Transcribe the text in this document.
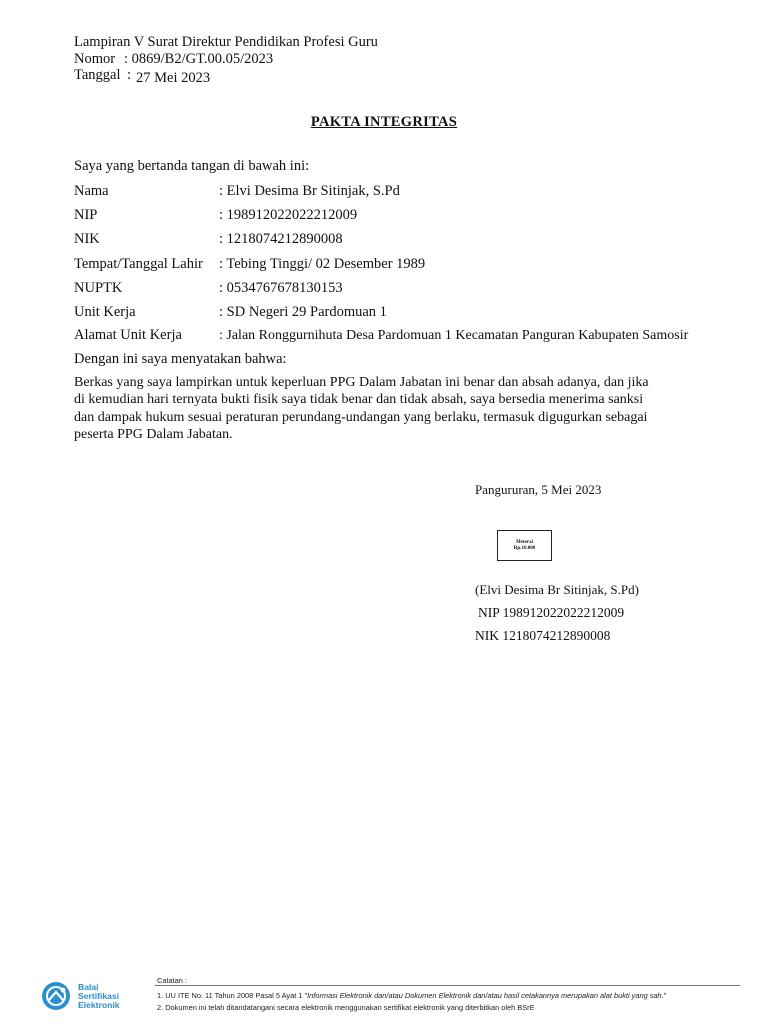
Lampiran V Surat Direktur Pendidikan Profesi Guru
Nomor : 0869/B2/GT.00.05/2023
Tanggal : 27 Mei 2023
PAKTA INTEGRITAS
Saya yang bertanda tangan di bawah ini:
Nama	: Elvi Desima Br Sitinjak, S.Pd
NIP	: 198912022022212009
NIK	: 1218074212890008
Tempat/Tanggal Lahir : Tebing Tinggi/ 02 Desember 1989
NUPTK	: 0534767678130153
Unit Kerja	: SD Negeri 29 Pardomuan 1
Alamat Unit Kerja	: Jalan Ronggurnihuta Desa Pardomuan 1 Kecamatan Panguran Kabupaten Samosir
Dengan ini saya menyatakan bahwa:
Berkas yang saya lampirkan untuk keperluan PPG Dalam Jabatan ini benar dan absah adanya, dan jika
di kemudian hari ternyata bukti fisik saya tidak benar dan tidak absah, saya bersedia menerima sanksi
dan dampak hukum sesuai peraturan perundang-undangan yang berlaku, termasuk digugurkan sebagai
peserta PPG Dalam Jabatan.
Pangururan, 5 Mei 2023
Meterai
Rp.10.000
(Elvi Desima Br Sitinjak, S.Pd)
NIP 198912022022212009
NIK 1218074212890008
Balai
Sertifikasi
Elektronik
Catatan :
1. UU ITE No. 11 Tahun 2008 Pasal 5 Ayat 1 "Informasi Elektronik dan/atau Dokumen Elektronik dan/atau hasil cetakannya merupakan alat bukti yang sah."
2. Dokumen ini telah ditandatangani secara elektronik menggunakan sertifikat elektronik yang diterbitkan oleh BSrE
